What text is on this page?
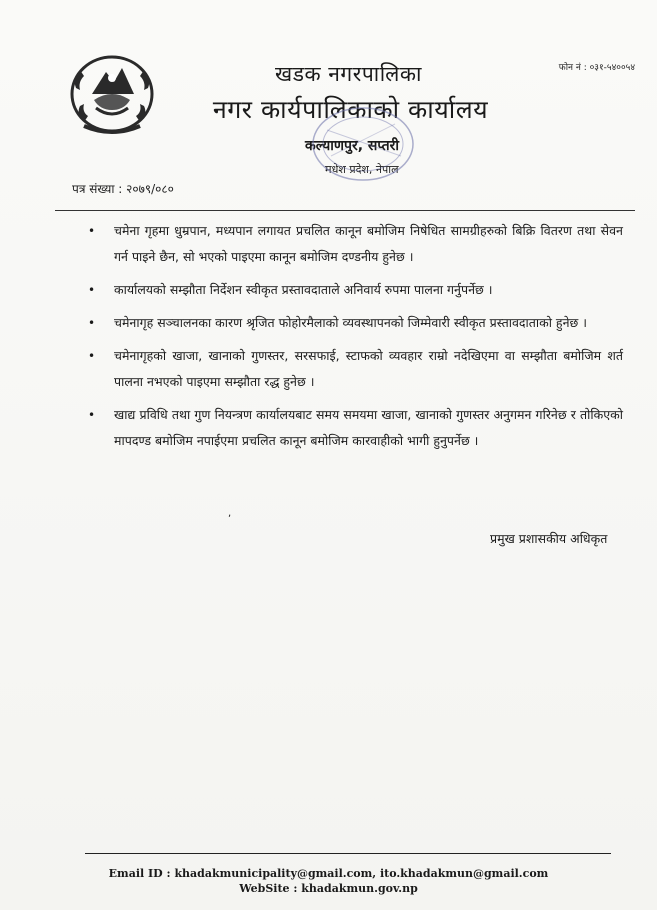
फोन नं : ०३१-५४००५४
खडक नगरपालिका
नगर कार्यपालिकाको कार्यालय
कल्याणपुर, सप्तरी
मधेश प्रदेश, नेपाल
पत्र संख्या : २०७९/०८०
• चमेना गृहमा धुम्रपान, मध्यपान लगायत प्रचलित कानून बमोजिम निषेधित सामग्रीहरुको बिक्रि वितरण तथा सेवन गर्न पाइने छैन, सो भएको पाइएमा कानून बमोजिम दण्डनीय हुनेछ ।
• कार्यालयको सम्झौता निर्देशन स्वीकृत प्रस्तावदाताले अनिवार्य रुपमा पालना गर्नुपर्नेछ ।
• चमेनागृह सञ्चालनका कारण श्रृजित फोहोरमैलाको व्यवस्थापनको जिम्मेवारी स्वीकृत प्रस्तावदाताको हुनेछ ।
• चमेनागृहको खाजा, खानाको गुणस्तर, सरसफाई, स्टाफको व्यवहार राम्रो नदेखिएमा वा सम्झौता बमोजिम शर्त पालना नभएको पाइएमा सम्झौता रद्ध हुनेछ ।
• खाद्य प्रविधि तथा गुण नियन्त्रण कार्यालयबाट समय समयमा खाजा, खानाको गुणस्तर अनुगमन गरिनेछ र तोकिएको मापदण्ड बमोजिम नपाईएमा प्रचलित कानून बमोजिम कारवाहीको भागी हुनुपर्नेछ ।
,
प्रमुख प्रशासकीय अधिकृत
Email ID : khadakmunicipality@gmail.com, ito.khadakmun@gmail.com
WebSite : khadakmun.gov.np
